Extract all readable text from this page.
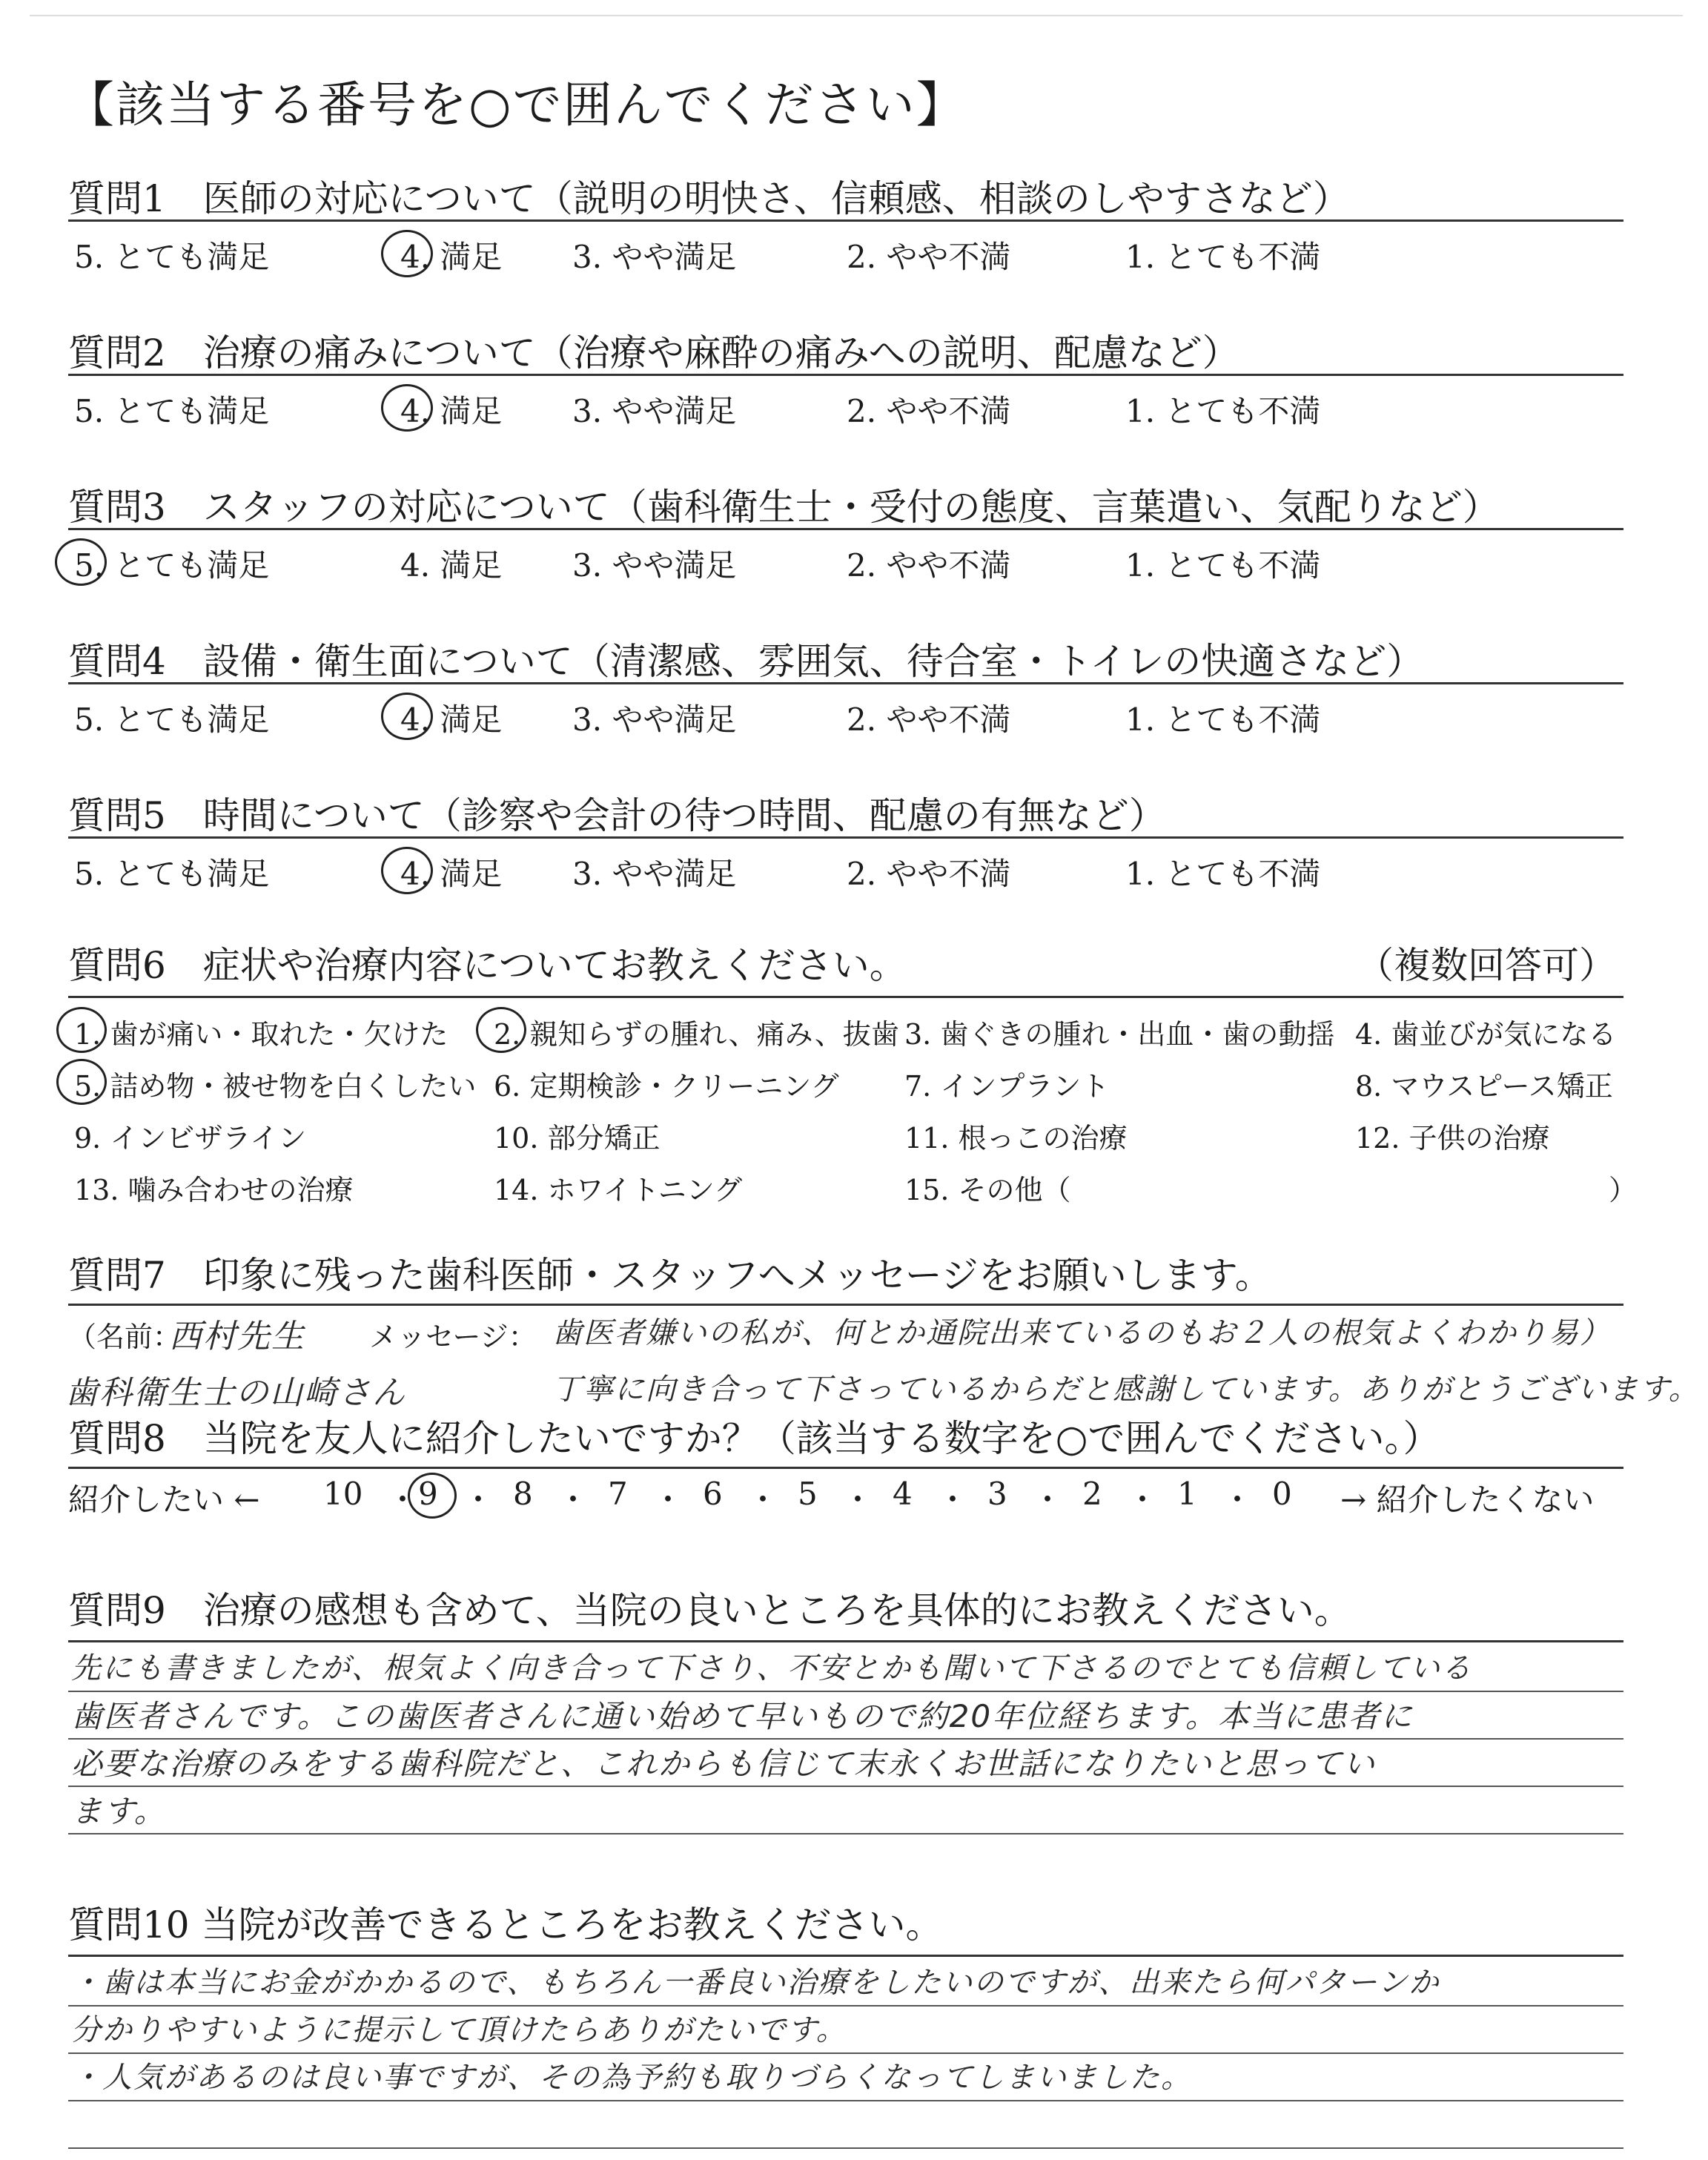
【該当する番号を○で囲んでください】
質問6　症状や治療内容についてお教えください。	（複数回答可）
質問7　印象に残った歯科医師・スタッフへメッセージをお願いします。
（名前：
西村先生 メッセージ： 歯医者嫌いの私が、何とか通院出来ているのもお２人の根気よくわかり易）
歯科衛生士の山崎さん	丁寧に向き合って下さっているからだと感謝しています。ありがとうございます。
質問8　当院を友人に紹介したいですか？（該当する数字を○で囲んでください。）
紹介したい ←	→ 紹介したくない
質問9　治療の感想も含めて、当院の良いところを具体的にお教えください。
質問10 当院が改善できるところをお教えください。
質問1　医師の対応について（説明の明快さ、信頼感、相談のしやすさなど）
5. とても満足	4. 満足 3. やや満足	2. やや不満	1. とても不満
質問2　治療の痛みについて（治療や麻酔の痛みへの説明、配慮など）
5. とても満足	4. 満足 3. やや満足	2. やや不満	1. とても不満
質問3　スタッフの対応について（歯科衛生士・受付の態度、言葉遣い、気配りなど）
5. とても満足	4. 満足 3. やや満足	2. やや不満	1. とても不満
質問4　設備・衛生面について（清潔感、雰囲気、待合室・トイレの快適さなど）
5. とても満足	4. 満足 3. やや満足	2. やや不満	1. とても不満
質問5　時間について（診察や会計の待つ時間、配慮の有無など）
5. とても満足	4. 満足 3. やや満足	2. やや不満	1. とても不満
1. 歯が痛い・取れた・欠けた 2. 親知らずの腫れ、痛み、抜歯 3. 歯ぐきの腫れ・出血・歯の動揺 4. 歯並びが気になる
5. 詰め物・被せ物を白くしたい 6. 定期検診・クリーニング 7. インプラント	8. マウスピース矯正
9. インビザライン	10. 部分矯正	11. 根っこの治療	12. 子供の治療
13. 噛み合わせの治療	14. ホワイトニング	15. その他（	）
10 ・ 9 ・ 8 ・ 7 ・ 6 ・ 5 ・ 4 ・ 3 ・ 2 ・ 1 ・ 0
先にも書きましたが、根気よく向き合って下さり、不安とかも聞いて下さるのでとても信頼している
歯医者さんです。この歯医者さんに通い始めて早いもので約20年位経ちます。本当に患者に
必要な治療のみをする歯科院だと、これからも信じて末永くお世話になりたいと思ってい
ます。
・歯は本当にお金がかかるので、もちろん一番良い治療をしたいのですが、出来たら何パターンか
分かりやすいように提示して頂けたらありがたいです。
・人気があるのは良い事ですが、その為予約も取りづらくなってしまいました。
